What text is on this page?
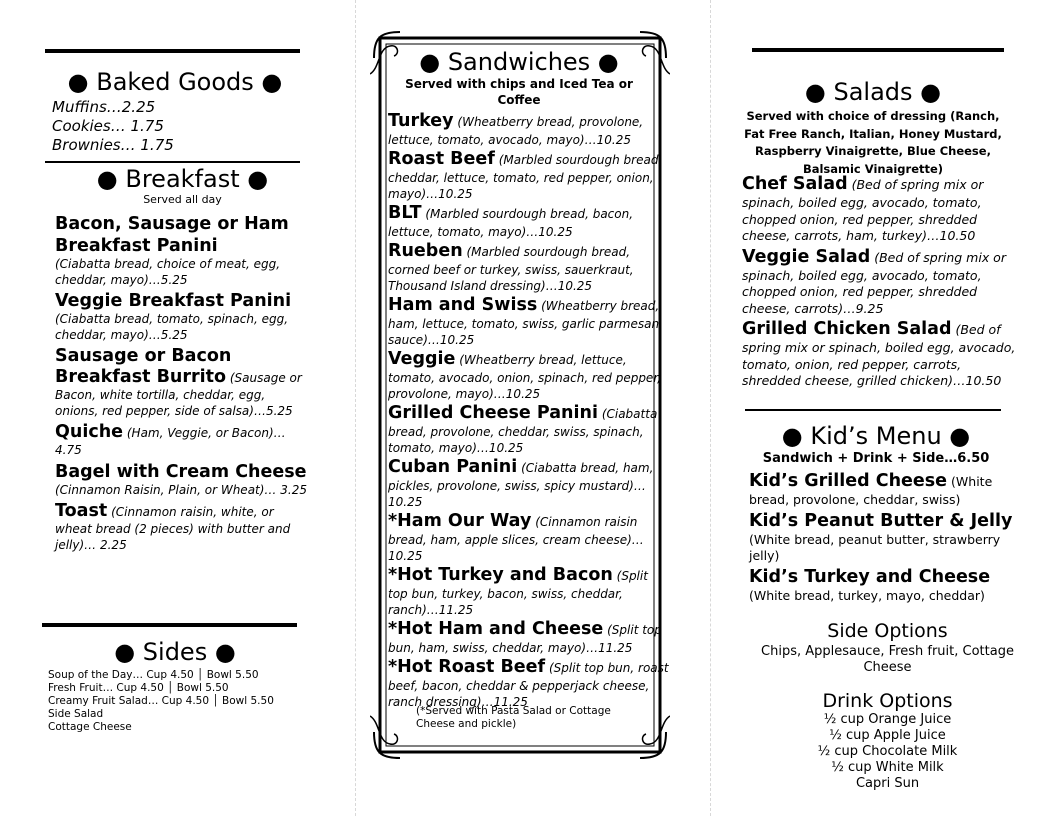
● Baked Goods ●
Muffins…2.25
Cookies… 1.75
Brownies… 1.75
● Breakfast ●
Served all day
Bacon, Sausage or Ham Breakfast Panini
(Ciabatta bread, choice of meat, egg, cheddar, mayo)…5.25
Veggie Breakfast Panini
(Ciabatta bread, tomato, spinach, egg, cheddar, mayo)…5.25
Sausage or Bacon Breakfast Burrito (Sausage or Bacon, white tortilla, cheddar, egg, onions, red pepper, side of salsa)…5.25
Quiche (Ham, Veggie, or Bacon)… 4.75
Bagel with Cream Cheese
(Cinnamon Raisin, Plain, or Wheat)… 3.25
Toast (Cinnamon raisin, white, or wheat bread (2 pieces) with butter and jelly)… 2.25
● Sides ●
Soup of the Day… Cup 4.50 │ Bowl 5.50
Fresh Fruit… Cup 4.50 │ Bowl 5.50
Creamy Fruit Salad… Cup 4.50 │ Bowl 5.50
Side Salad
Cottage Cheese
● Sandwiches ●
Served with chips and Iced Tea or Coffee
Turkey (Wheatberry bread, provolone, lettuce, tomato, avocado, mayo)…10.25
Roast Beef (Marbled sourdough bread, cheddar, lettuce, tomato, red pepper, onion, mayo)…10.25
BLT (Marbled sourdough bread, bacon, lettuce, tomato, mayo)…10.25
Rueben (Marbled sourdough bread, corned beef or turkey, swiss, sauerkraut, Thousand Island dressing)…10.25
Ham and Swiss (Wheatberry bread, ham, lettuce, tomato, swiss, garlic parmesan sauce)…10.25
Veggie (Wheatberry bread, lettuce, tomato, avocado, onion, spinach, red pepper, provolone, mayo)…10.25
Grilled Cheese Panini (Ciabatta bread, provolone, cheddar, swiss, spinach, tomato, mayo)…10.25
Cuban Panini (Ciabatta bread, ham, pickles, provolone, swiss, spicy mustard)…10.25
*Ham Our Way (Cinnamon raisin bread, ham, apple slices, cream cheese)…10.25
*Hot Turkey and Bacon (Split top bun, turkey, bacon, swiss, cheddar, ranch)…11.25
*Hot Ham and Cheese (Split top bun, ham, swiss, cheddar, mayo)…11.25
*Hot Roast Beef (Split top bun, roast beef, bacon, cheddar & pepperjack cheese, ranch dressing)…11.25
(*Served with Pasta Salad or Cottage Cheese and pickle)
● Salads ●
Served with choice of dressing (Ranch, Fat Free Ranch, Italian, Honey Mustard, Raspberry Vinaigrette, Blue Cheese, Balsamic Vinaigrette)
Chef Salad (Bed of spring mix or spinach, boiled egg, avocado, tomato, chopped onion, red pepper, shredded cheese, carrots, ham, turkey)…10.50
Veggie Salad (Bed of spring mix or spinach, boiled egg, avocado, tomato, chopped onion, red pepper, shredded cheese, carrots)…9.25
Grilled Chicken Salad (Bed of spring mix or spinach, boiled egg, avocado, tomato, onion, red pepper, carrots, shredded cheese, grilled chicken)…10.50
● Kid’s Menu ●
Sandwich + Drink + Side…6.50
Kid’s Grilled Cheese (White bread, provolone, cheddar, swiss)
Kid’s Peanut Butter & Jelly
(White bread, peanut butter, strawberry jelly)
Kid’s Turkey and Cheese
(White bread, turkey, mayo, cheddar)
Side Options
Chips, Applesauce, Fresh fruit, Cottage Cheese
Drink Options
½ cup Orange Juice
½ cup Apple Juice
½ cup Chocolate Milk
½ cup White Milk
Capri Sun
